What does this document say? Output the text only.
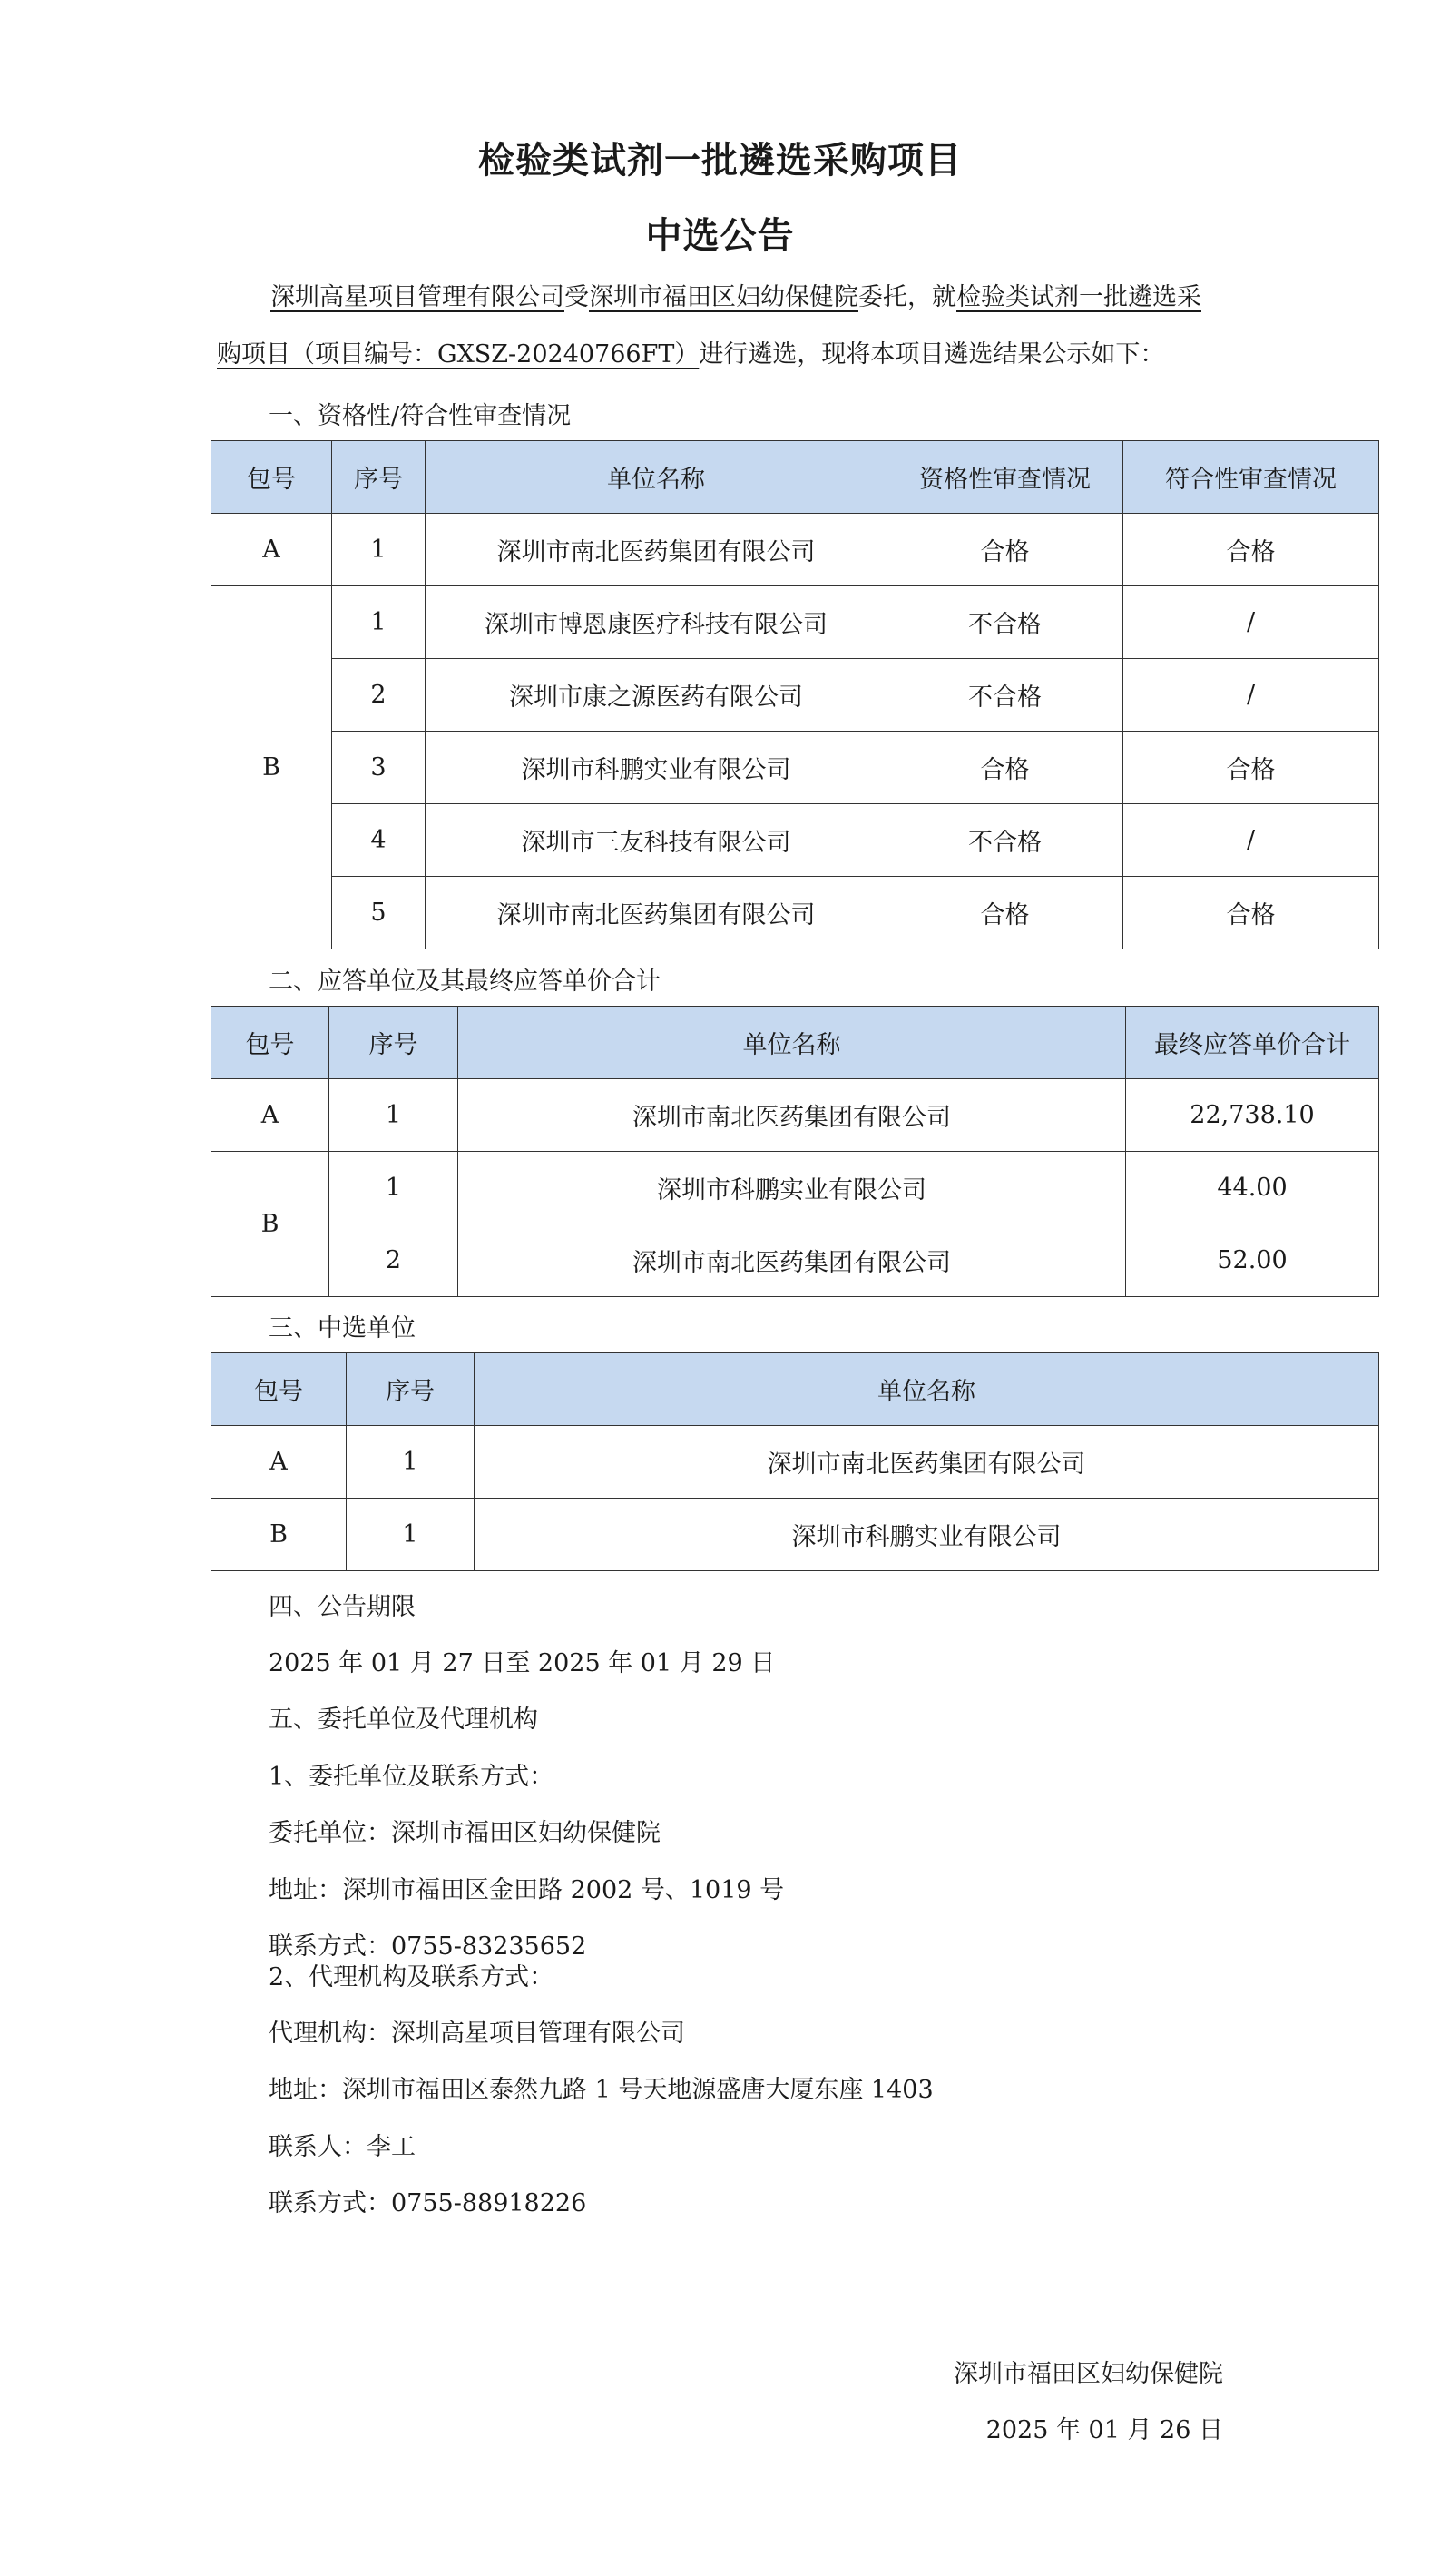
检验类试剂一批遴选采购项目
中选公告
深圳高星项目管理有限公司受深圳市福田区妇幼保健院委托，就检验类试剂一批遴选采
购项目（项目编号：GXSZ-20240766FT）进行遴选，现将本项目遴选结果公示如下：
一、资格性/符合性审查情况
包号	序号	单位名称	资格性审查情况	符合性审查情况
A	1	深圳市南北医药集团有限公司	合格	合格
B	1	深圳市博恩康医疗科技有限公司	不合格	/
	2	深圳市康之源医药有限公司	不合格	/
	3	深圳市科鹏实业有限公司	合格	合格
	4	深圳市三友科技有限公司	不合格	/
	5	深圳市南北医药集团有限公司	合格	合格
二、应答单位及其最终应答单价合计
包号	序号	单位名称	最终应答单价合计
A	1	深圳市南北医药集团有限公司	22,738.10
B	1	深圳市科鹏实业有限公司	44.00
	2	深圳市南北医药集团有限公司	52.00
三、中选单位
包号	序号	单位名称
A	1	深圳市南北医药集团有限公司
B	1	深圳市科鹏实业有限公司
四、公告期限
2025 年 01 月 27 日至 2025 年 01 月 29 日
五、委托单位及代理机构
1、委托单位及联系方式：
委托单位：深圳市福田区妇幼保健院
地址：深圳市福田区金田路 2002 号、1019 号
联系方式：0755-83235652
2、代理机构及联系方式：
代理机构：深圳高星项目管理有限公司
地址：深圳市福田区泰然九路 1 号天地源盛唐大厦东座 1403
联系人：李工
联系方式：0755-88918226
深圳市福田区妇幼保健院
2025 年 01 月 26 日
